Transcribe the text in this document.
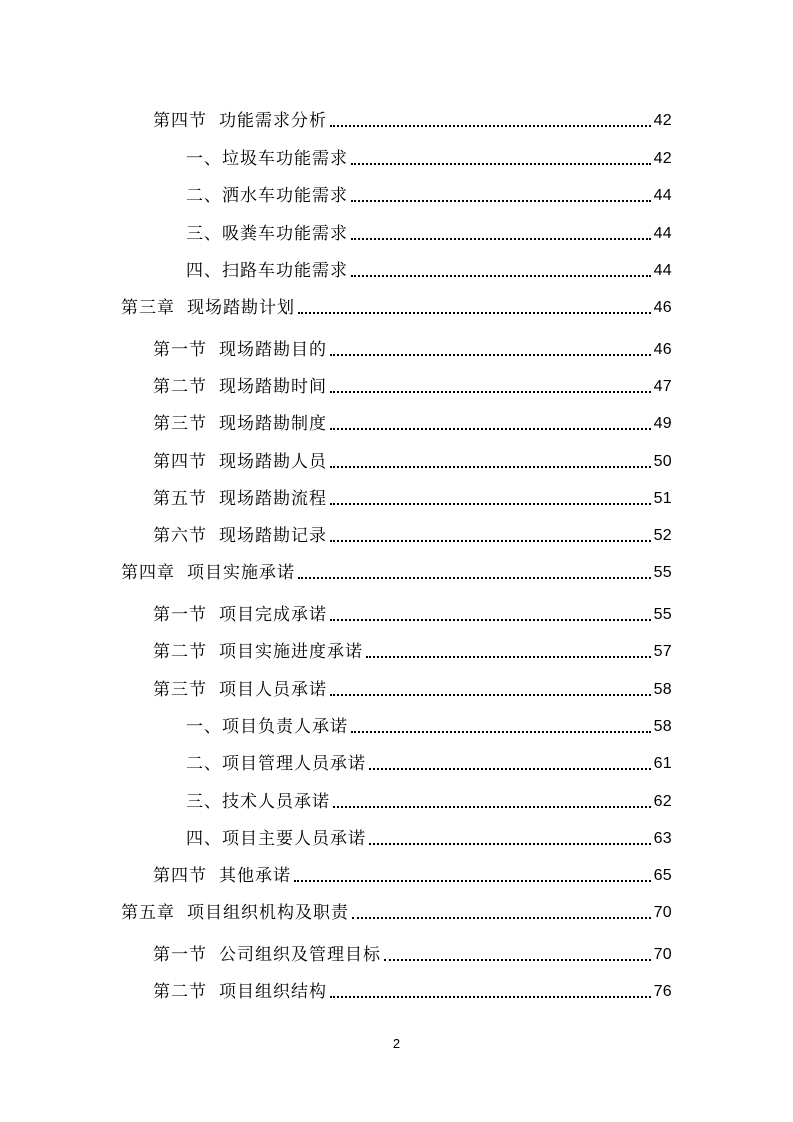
第四节 功能需求分析	42
一、垃圾车功能需求	42
二、洒水车功能需求	44
三、吸粪车功能需求	44
四、扫路车功能需求	44
第三章 现场踏勘计划	46
第一节 现场踏勘目的	46
第二节 现场踏勘时间	47
第三节 现场踏勘制度	49
第四节 现场踏勘人员	50
第五节 现场踏勘流程	51
第六节 现场踏勘记录	52
第四章 项目实施承诺	55
第一节 项目完成承诺	55
第二节 项目实施进度承诺	57
第三节 项目人员承诺	58
一、项目负责人承诺	58
二、项目管理人员承诺	61
三、技术人员承诺	62
四、项目主要人员承诺	63
第四节 其他承诺	65
第五章 项目组织机构及职责	70
第一节 公司组织及管理目标	70
第二节 项目组织结构	76
2
